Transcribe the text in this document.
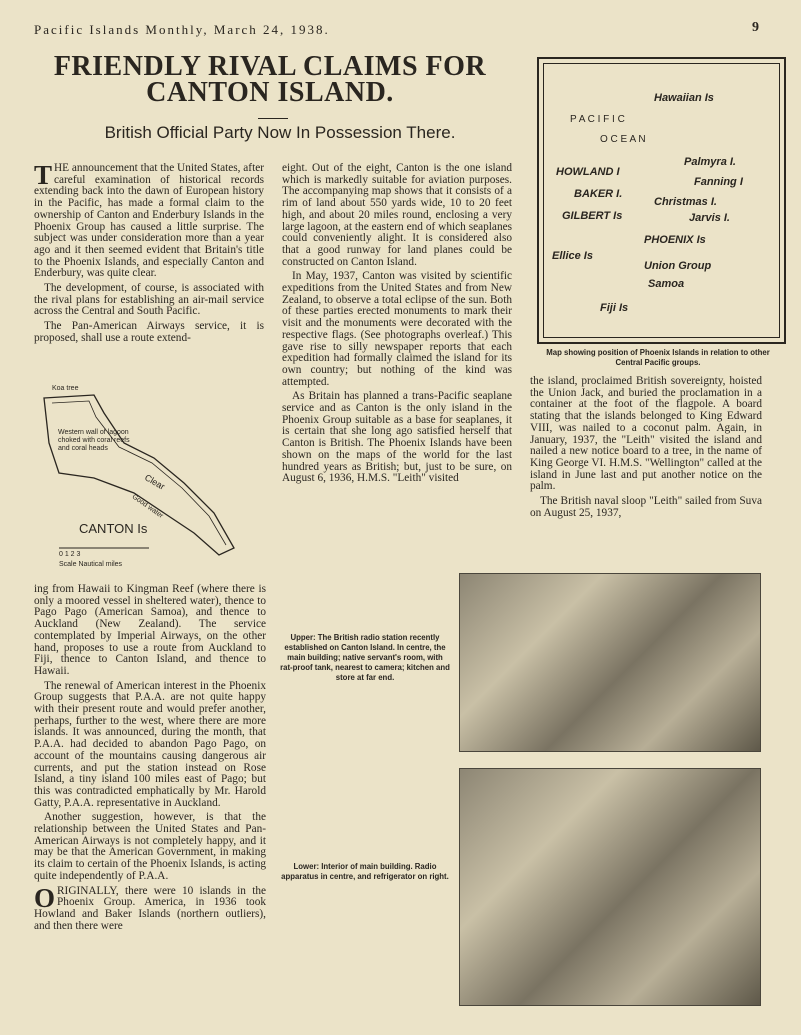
Pacific Islands Monthly, March 24, 1938.	9
FRIENDLY RIVAL CLAIMS FOR
CANTON ISLAND.
British Official Party Now In Possession There.

THE announcement that the United States, after careful examination of historical records extending back into the dawn of European history in the Pacific, has made a formal claim to the ownership of Canton and Enderbury Islands in the Phoenix Group has caused a little surprise. The subject was under consideration more than a year ago and it then seemed evident that Britain's title to the Phoenix Islands, and especially Canton and Enderbury, was quite clear.

The development, of course, is associated with the rival plans for establishing an air-mail service across the Central and South Pacific.

The Pan-American Airways service, it is proposed, shall use a route extend-

Koa tree
Western wall of lagoon choked with coral reefs and coral heads
Clear
Good water
CANTON Is
0 1 2 3
Scale Nautical miles

ing from Hawaii to Kingman Reef (where there is only a moored vessel in sheltered water), thence to Pago Pago (American Samoa), and thence to Auckland (New Zealand). The service contemplated by Imperial Airways, on the other hand, proposes to use a route from Auckland to Fiji, thence to Canton Island, and thence to Hawaii.

The renewal of American interest in the Phoenix Group suggests that P.A.A. are not quite happy with their present route and would prefer another, perhaps, further to the west, where there are more islands. It was announced, during the month, that P.A.A. had decided to abandon Pago Pago, on account of the mountains causing dangerous air currents, and put the station instead on Rose Island, a tiny island 100 miles east of Pago; but this was contradicted emphatically by Mr. Harold Gatty, P.A.A. representative in Auckland.

Another suggestion, however, is that the relationship between the United States and Pan-American Airways is not completely happy, and it may be that the American Government, in making its claim to certain of the Phoenix Islands, is acting quite independently of P.A.A.

ORIGINALLY, there were 10 islands in the Phoenix Group. America, in 1936 took Howland and Baker Islands (northern outliers), and then there were

eight. Out of the eight, Canton is the one island which is markedly suitable for aviation purposes. The accompanying map shows that it consists of a rim of land about 550 yards wide, 10 to 20 feet high, and about 20 miles round, enclosing a very large lagoon, at the eastern end of which seaplanes could conveniently alight. It is considered also that a good runway for land planes could be constructed on Canton Island.

In May, 1937, Canton was visited by scientific expeditions from the United States and from New Zealand, to observe a total eclipse of the sun. Both of these parties erected monuments to mark their visit and the monuments were decorated with the respective flags. (See photographs overleaf.) This gave rise to silly newspaper reports that each expedition had formally claimed the island for its own country; but nothing of the kind was attempted.

As Britain has planned a trans-Pacific seaplane service and as Canton is the only island in the Phoenix Group suitable as a base for seaplanes, it is certain that she long ago satisfied herself that Canton is British. The Phoenix Islands have been shown on the maps of the world for the last hundred years as British; but, just to be sure, on August 6, 1936, H.M.S. "Leith" visited

Hawaiian Is
P A C I F I C
O C E A N
Palmyra I.
HOWLAND I
Fanning I
BAKER I.
Christmas I.
GILBERT Is	Jarvis I.
PHOENIX Is
Ellice Is
Union Group
Samoa
Fiji Is
Map showing position of Phoenix Islands in relation to other Central Pacific groups.

the island, proclaimed British sovereignty, hoisted the Union Jack, and buried the proclamation in a container at the foot of the flagpole. A board stating that the islands belonged to King Edward VIII, was nailed to a coconut palm. Again, in January, 1937, the "Leith" visited the island and nailed a new notice board to a tree, in the name of King George VI. H.M.S. "Wellington" called at the island in June last and put another notice on the palm.

The British naval sloop "Leith" sailed from Suva on August 25, 1937,

Upper: The British radio station recently established on Canton Island. In centre, the main building; native servant's room, with rat-proof tank, nearest to camera; kitchen and store at far end.
Lower: Interior of main building. Radio apparatus in centre, and refrigerator on right.
